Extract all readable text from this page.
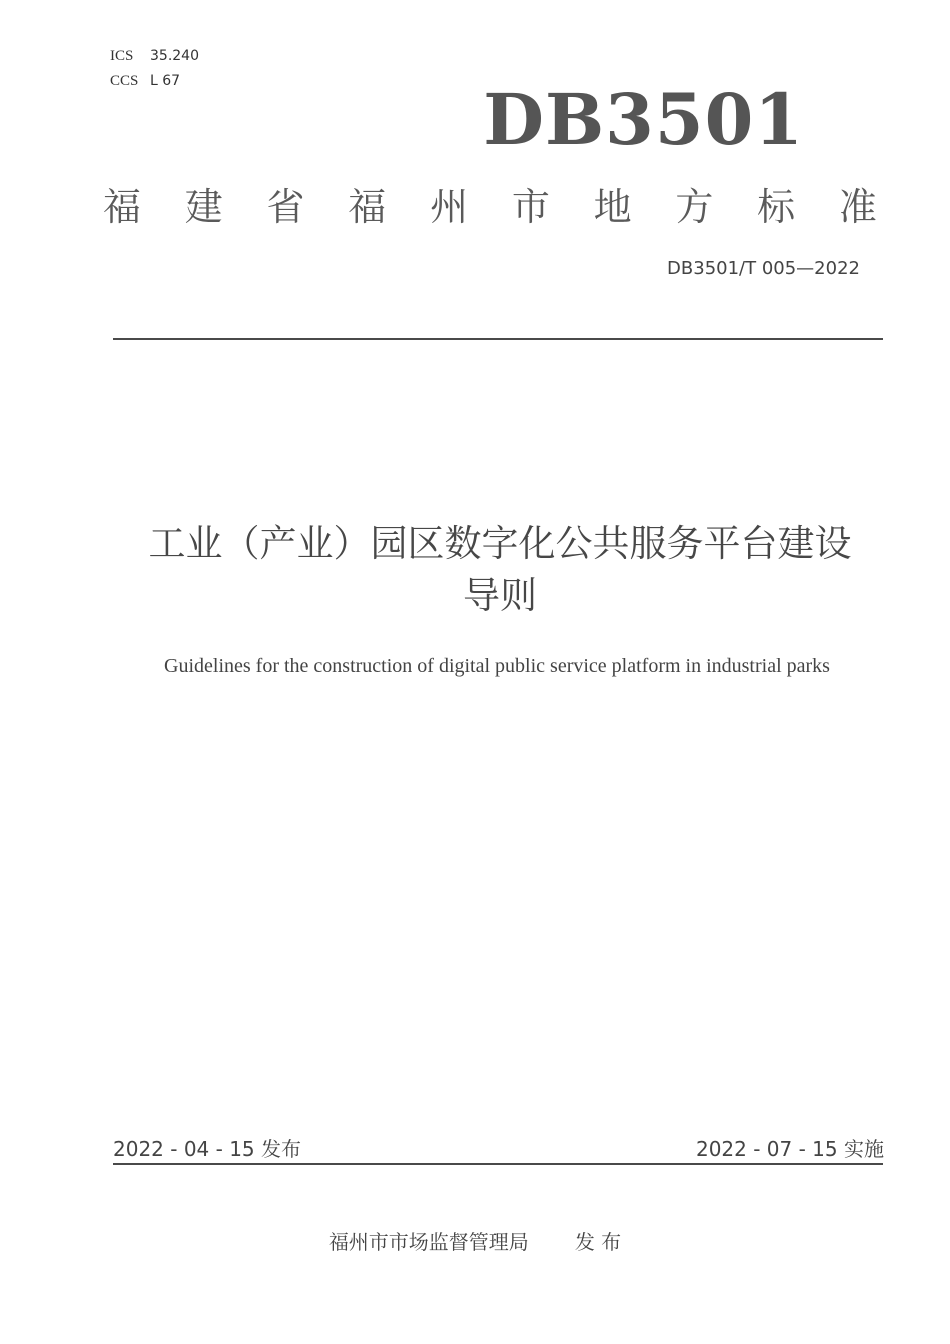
ICS	35.240
CCS L 67	DB3501
福 建 省 福 州 市 地 方 标 准
DB3501/T 005—2022
工业（产业）园区数字化公共服务平台建设
导则
Guidelines for the construction of digital public service platform in industrial parks
2022 - 04 - 15 发布	2022 - 07 - 15 实施
福州市市场监督管理局 发 布
